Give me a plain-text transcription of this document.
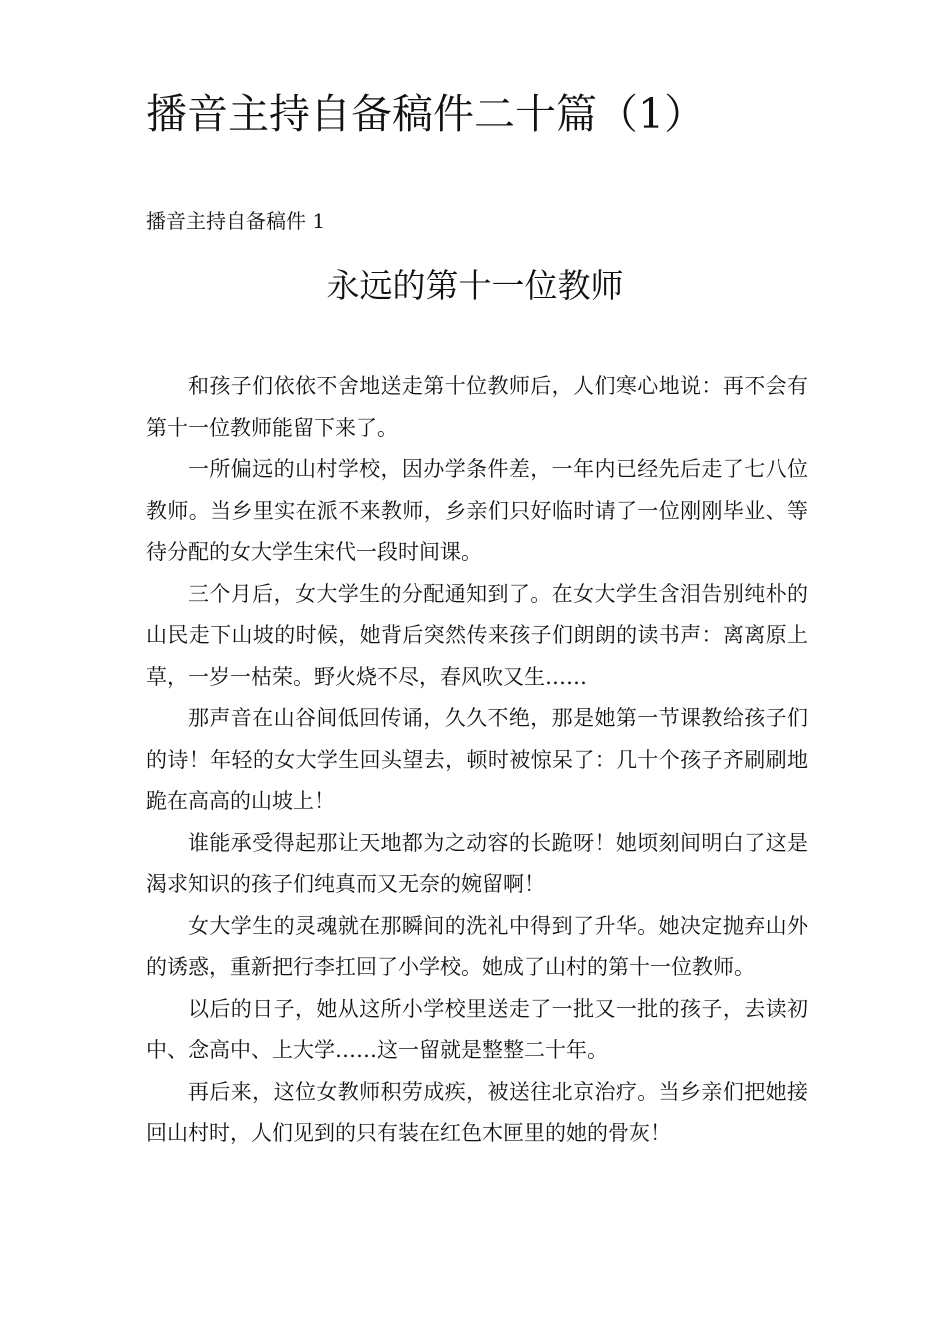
播音主持自备稿件二十篇（1）
播音主持自备稿件 1
永远的第十一位教师

和孩子们依依不舍地送走第十位教师后，人们寒心地说：再不会有第十一位教师能留下来了。

一所偏远的山村学校，因办学条件差，一年内已经先后走了七八位教师。当乡里实在派不来教师，乡亲们只好临时请了一位刚刚毕业、等待分配的女大学生宋代一段时间课。

三个月后，女大学生的分配通知到了。在女大学生含泪告别纯朴的山民走下山坡的时候，她背后突然传来孩子们朗朗的读书声：离离原上草，一岁一枯荣。野火烧不尽，春风吹又生……

那声音在山谷间低回传诵，久久不绝，那是她第一节课教给孩子们的诗！年轻的女大学生回头望去，顿时被惊呆了：几十个孩子齐刷刷地跪在高高的山坡上！

谁能承受得起那让天地都为之动容的长跪呀！她顷刻间明白了这是渴求知识的孩子们纯真而又无奈的婉留啊！

女大学生的灵魂就在那瞬间的洗礼中得到了升华。她决定抛弃山外的诱惑，重新把行李扛回了小学校。她成了山村的第十一位教师。

以后的日子，她从这所小学校里送走了一批又一批的孩子，去读初中、念高中、上大学……这一留就是整整二十年。

再后来，这位女教师积劳成疾，被送往北京治疗。当乡亲们把她接回山村时，人们见到的只有装在红色木匣里的她的骨灰！
